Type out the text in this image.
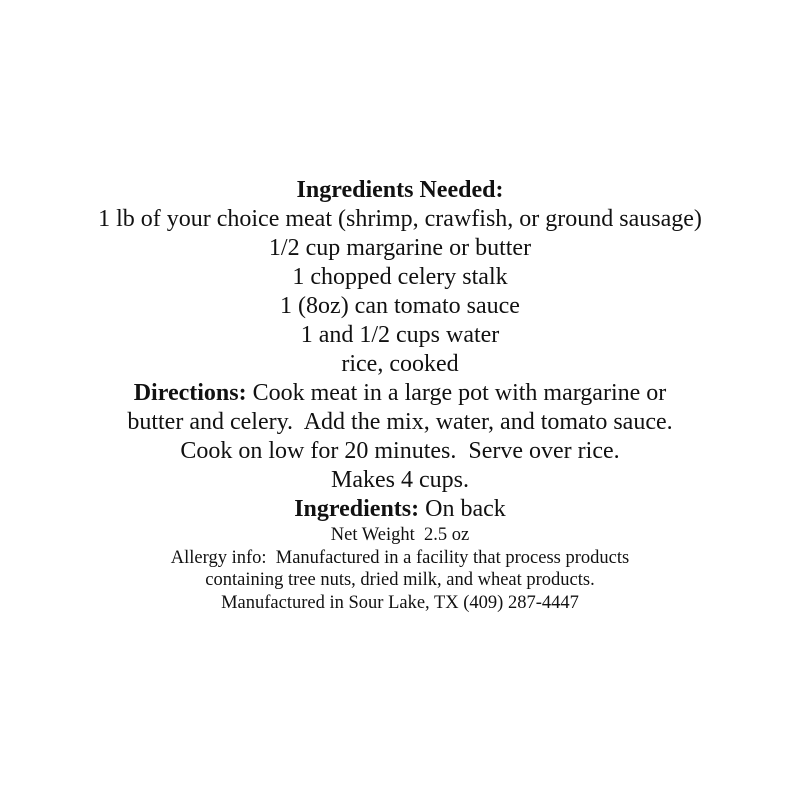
Ingredients Needed:
1 lb of your choice meat (shrimp, crawfish, or ground sausage)
1/2 cup margarine or butter
1 chopped celery stalk
1 (8oz) can tomato sauce
1 and 1/2 cups water
rice, cooked
Directions: Cook meat in a large pot with margarine or
butter and celery.  Add the mix, water, and tomato sauce.
Cook on low for 20 minutes.  Serve over rice.
Makes 4 cups.
Ingredients: On back
Net Weight  2.5 oz
Allergy info:  Manufactured in a facility that process products
containing tree nuts, dried milk, and wheat products.
Manufactured in Sour Lake, TX (409) 287-4447
